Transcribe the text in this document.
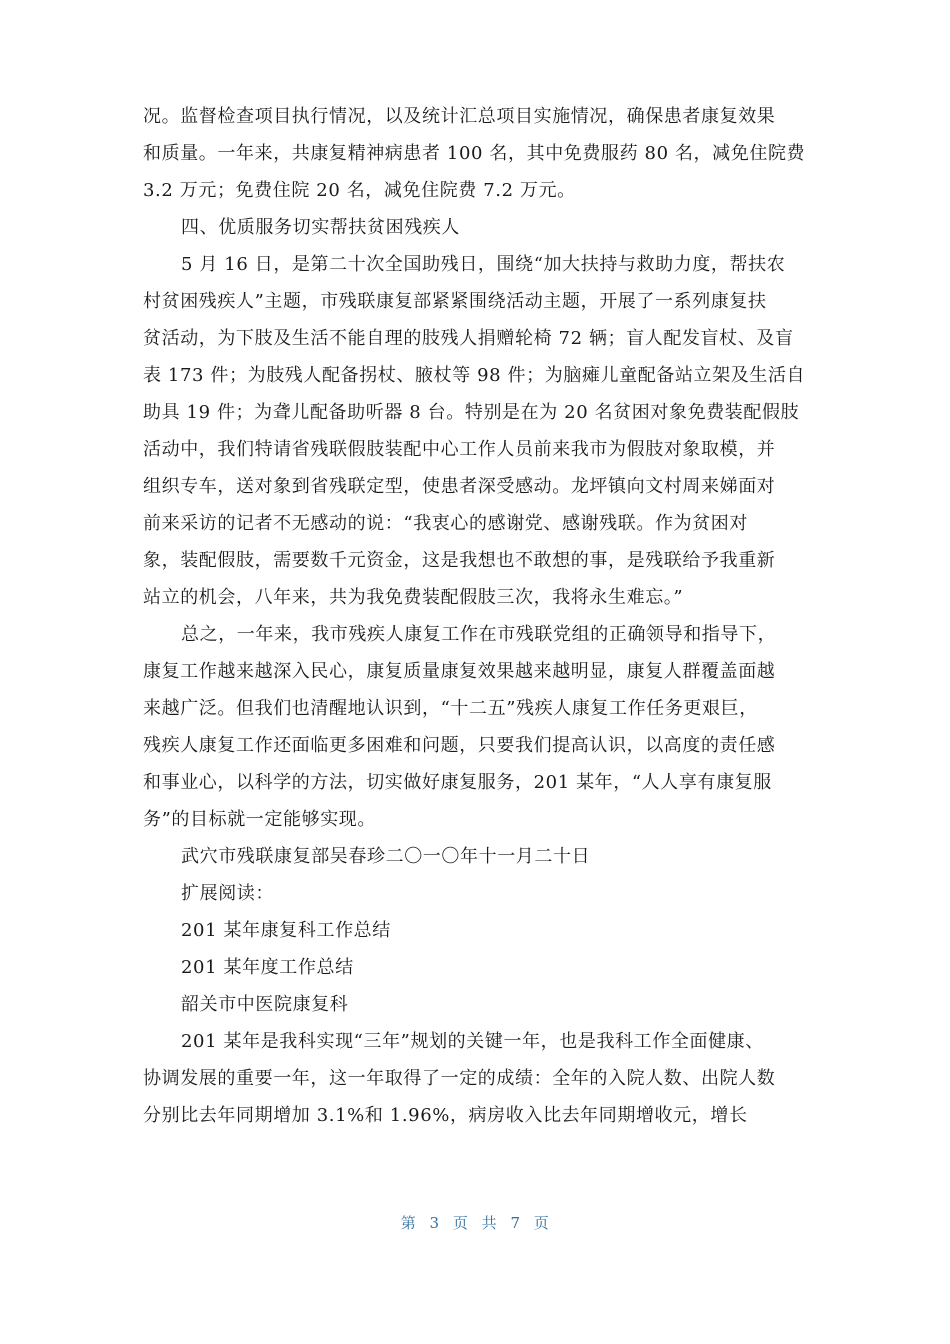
况。监督检查项目执行情况，以及统计汇总项目实施情况，确保患者康复效果
和质量。一年来，共康复精神病患者 100 名，其中免费服药 80 名，减免住院费
3.2 万元；免费住院 20 名，减免住院费 7.2 万元。
四、优质服务切实帮扶贫困残疾人
5 月 16 日，是第二十次全国助残日，围绕“加大扶持与救助力度，帮扶农
村贫困残疾人”主题，市残联康复部紧紧围绕活动主题，开展了一系列康复扶
贫活动，为下肢及生活不能自理的肢残人捐赠轮椅 72 辆；盲人配发盲杖、及盲
表 173 件；为肢残人配备拐杖、腋杖等 98 件；为脑瘫儿童配备站立架及生活自
助具 19 件；为聋儿配备助听器 8 台。特别是在为 20 名贫困对象免费装配假肢
活动中，我们特请省残联假肢装配中心工作人员前来我市为假肢对象取模，并
组织专车，送对象到省残联定型，使患者深受感动。龙坪镇向文村周来娣面对
前来采访的记者不无感动的说：“我衷心的感谢党、感谢残联。作为贫困对
象，装配假肢，需要数千元资金，这是我想也不敢想的事，是残联给予我重新
站立的机会，八年来，共为我免费装配假肢三次，我将永生难忘。”
总之，一年来，我市残疾人康复工作在市残联党组的正确领导和指导下，
康复工作越来越深入民心，康复质量康复效果越来越明显，康复人群覆盖面越
来越广泛。但我们也清醒地认识到，“十二五”残疾人康复工作任务更艰巨，
残疾人康复工作还面临更多困难和问题，只要我们提高认识，以高度的责任感
和事业心，以科学的方法，切实做好康复服务，201 某年，“人人享有康复服
务”的目标就一定能够实现。
武穴市残联康复部吴春珍二〇一〇年十一月二十日
扩展阅读：
201 某年康复科工作总结
201 某年度工作总结
韶关市中医院康复科
201 某年是我科实现“三年”规划的关键一年，也是我科工作全面健康、
协调发展的重要一年，这一年取得了一定的成绩：全年的入院人数、出院人数
分别比去年同期增加 3.1%和 1.96%，病房收入比去年同期增收元，增长
第 3 页 共 7 页
